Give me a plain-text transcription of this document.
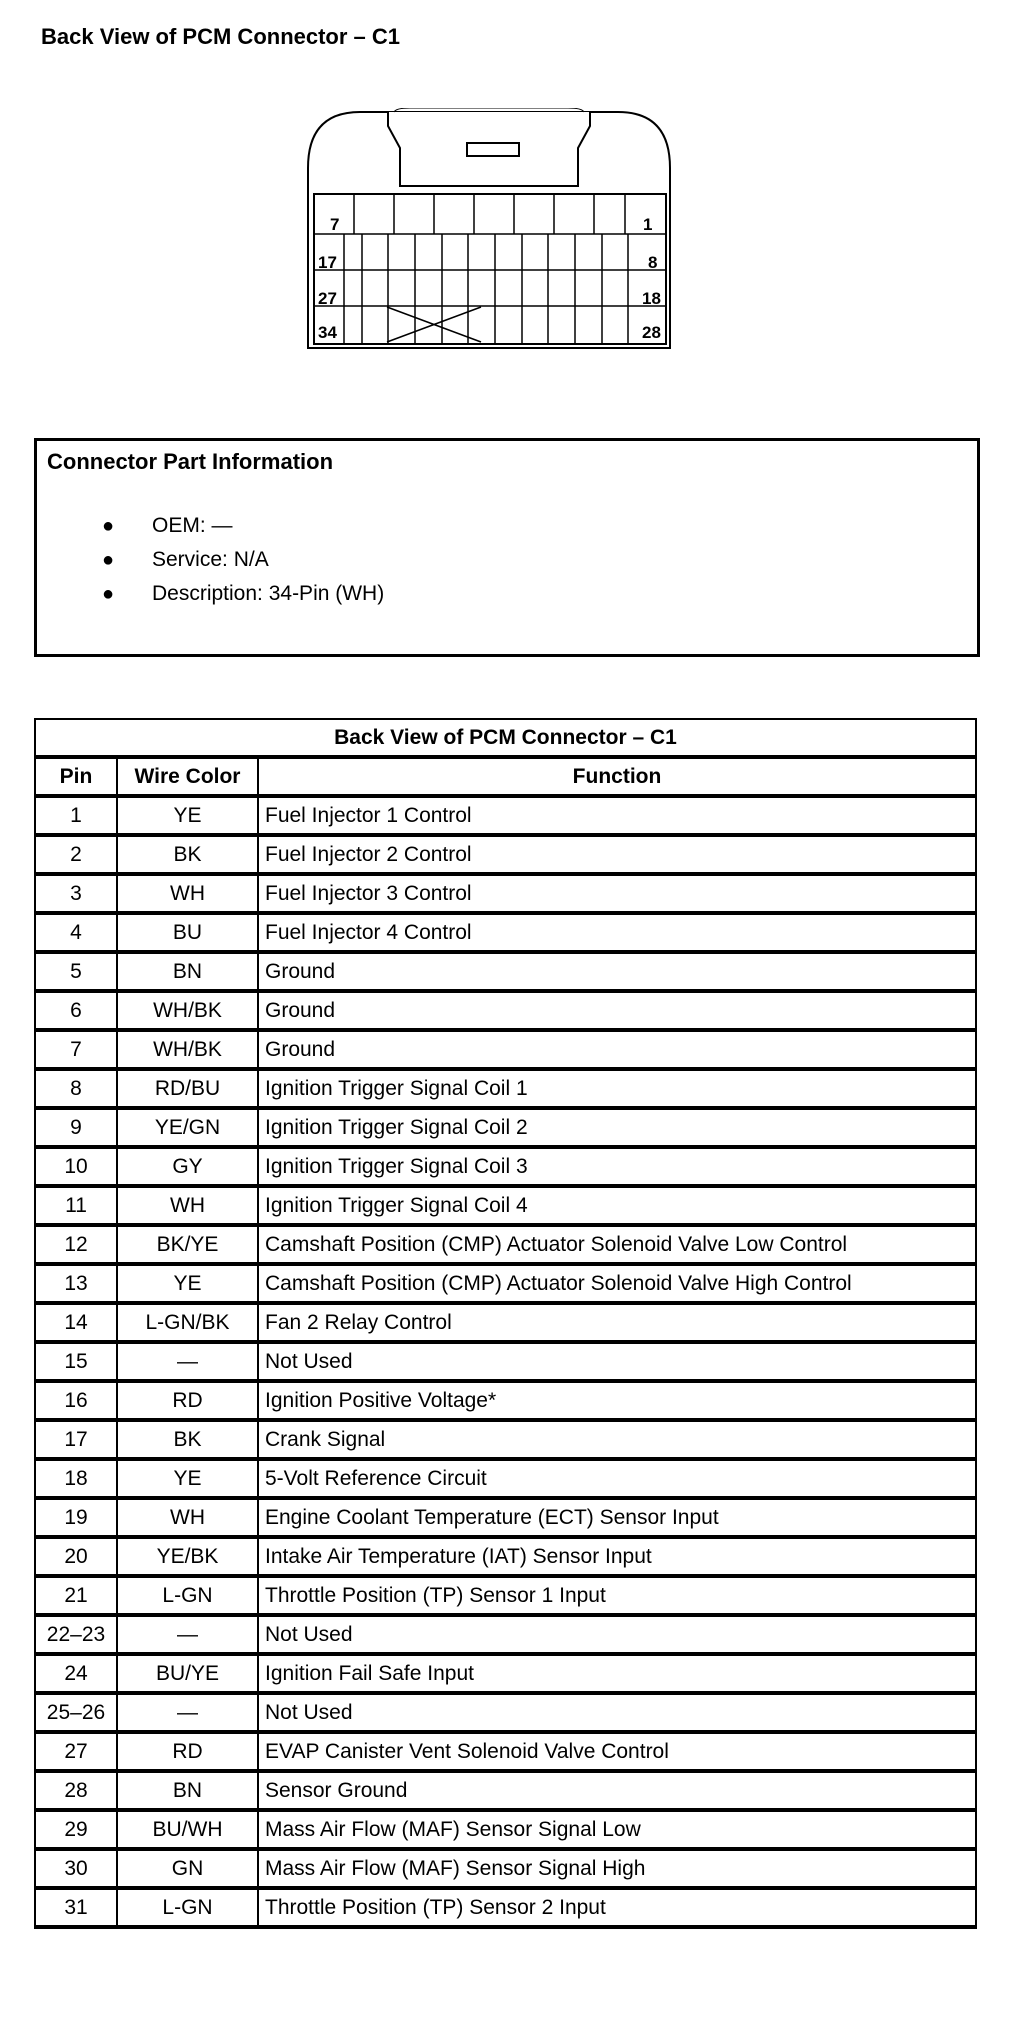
Back View of PCM Connector – C1
7	1
17	8
27	18
34	28

Connector Part Information

● OEM: —
● Service: N/A
● Description: 34-Pin (WH)
Back View of PCM Connector – C1		
Pin	Wire Color	Function
1	YE	Fuel Injector 1 Control
2	BK	Fuel Injector 2 Control
3	WH	Fuel Injector 3 Control
4	BU	Fuel Injector 4 Control
5	BN	Ground
6	WH/BK	Ground
7	WH/BK	Ground
8	RD/BU	Ignition Trigger Signal Coil 1
9	YE/GN	Ignition Trigger Signal Coil 2
10	GY	Ignition Trigger Signal Coil 3
11	WH	Ignition Trigger Signal Coil 4
12	BK/YE	Camshaft Position (CMP) Actuator Solenoid Valve Low Control
13	YE	Camshaft Position (CMP) Actuator Solenoid Valve High Control
14	L-GN/BK	Fan 2 Relay Control
15	—	Not Used
16	RD	Ignition Positive Voltage*
17	BK	Crank Signal
18	YE	5-Volt Reference Circuit
19	WH	Engine Coolant Temperature (ECT) Sensor Input
20	YE/BK	Intake Air Temperature (IAT) Sensor Input
21	L-GN	Throttle Position (TP) Sensor 1 Input
22–23	—	Not Used
24	BU/YE	Ignition Fail Safe Input
25–26	—	Not Used
27	RD	EVAP Canister Vent Solenoid Valve Control
28	BN	Sensor Ground
29	BU/WH	Mass Air Flow (MAF) Sensor Signal Low
30	GN	Mass Air Flow (MAF) Sensor Signal High
31	L-GN	Throttle Position (TP) Sensor 2 Input
